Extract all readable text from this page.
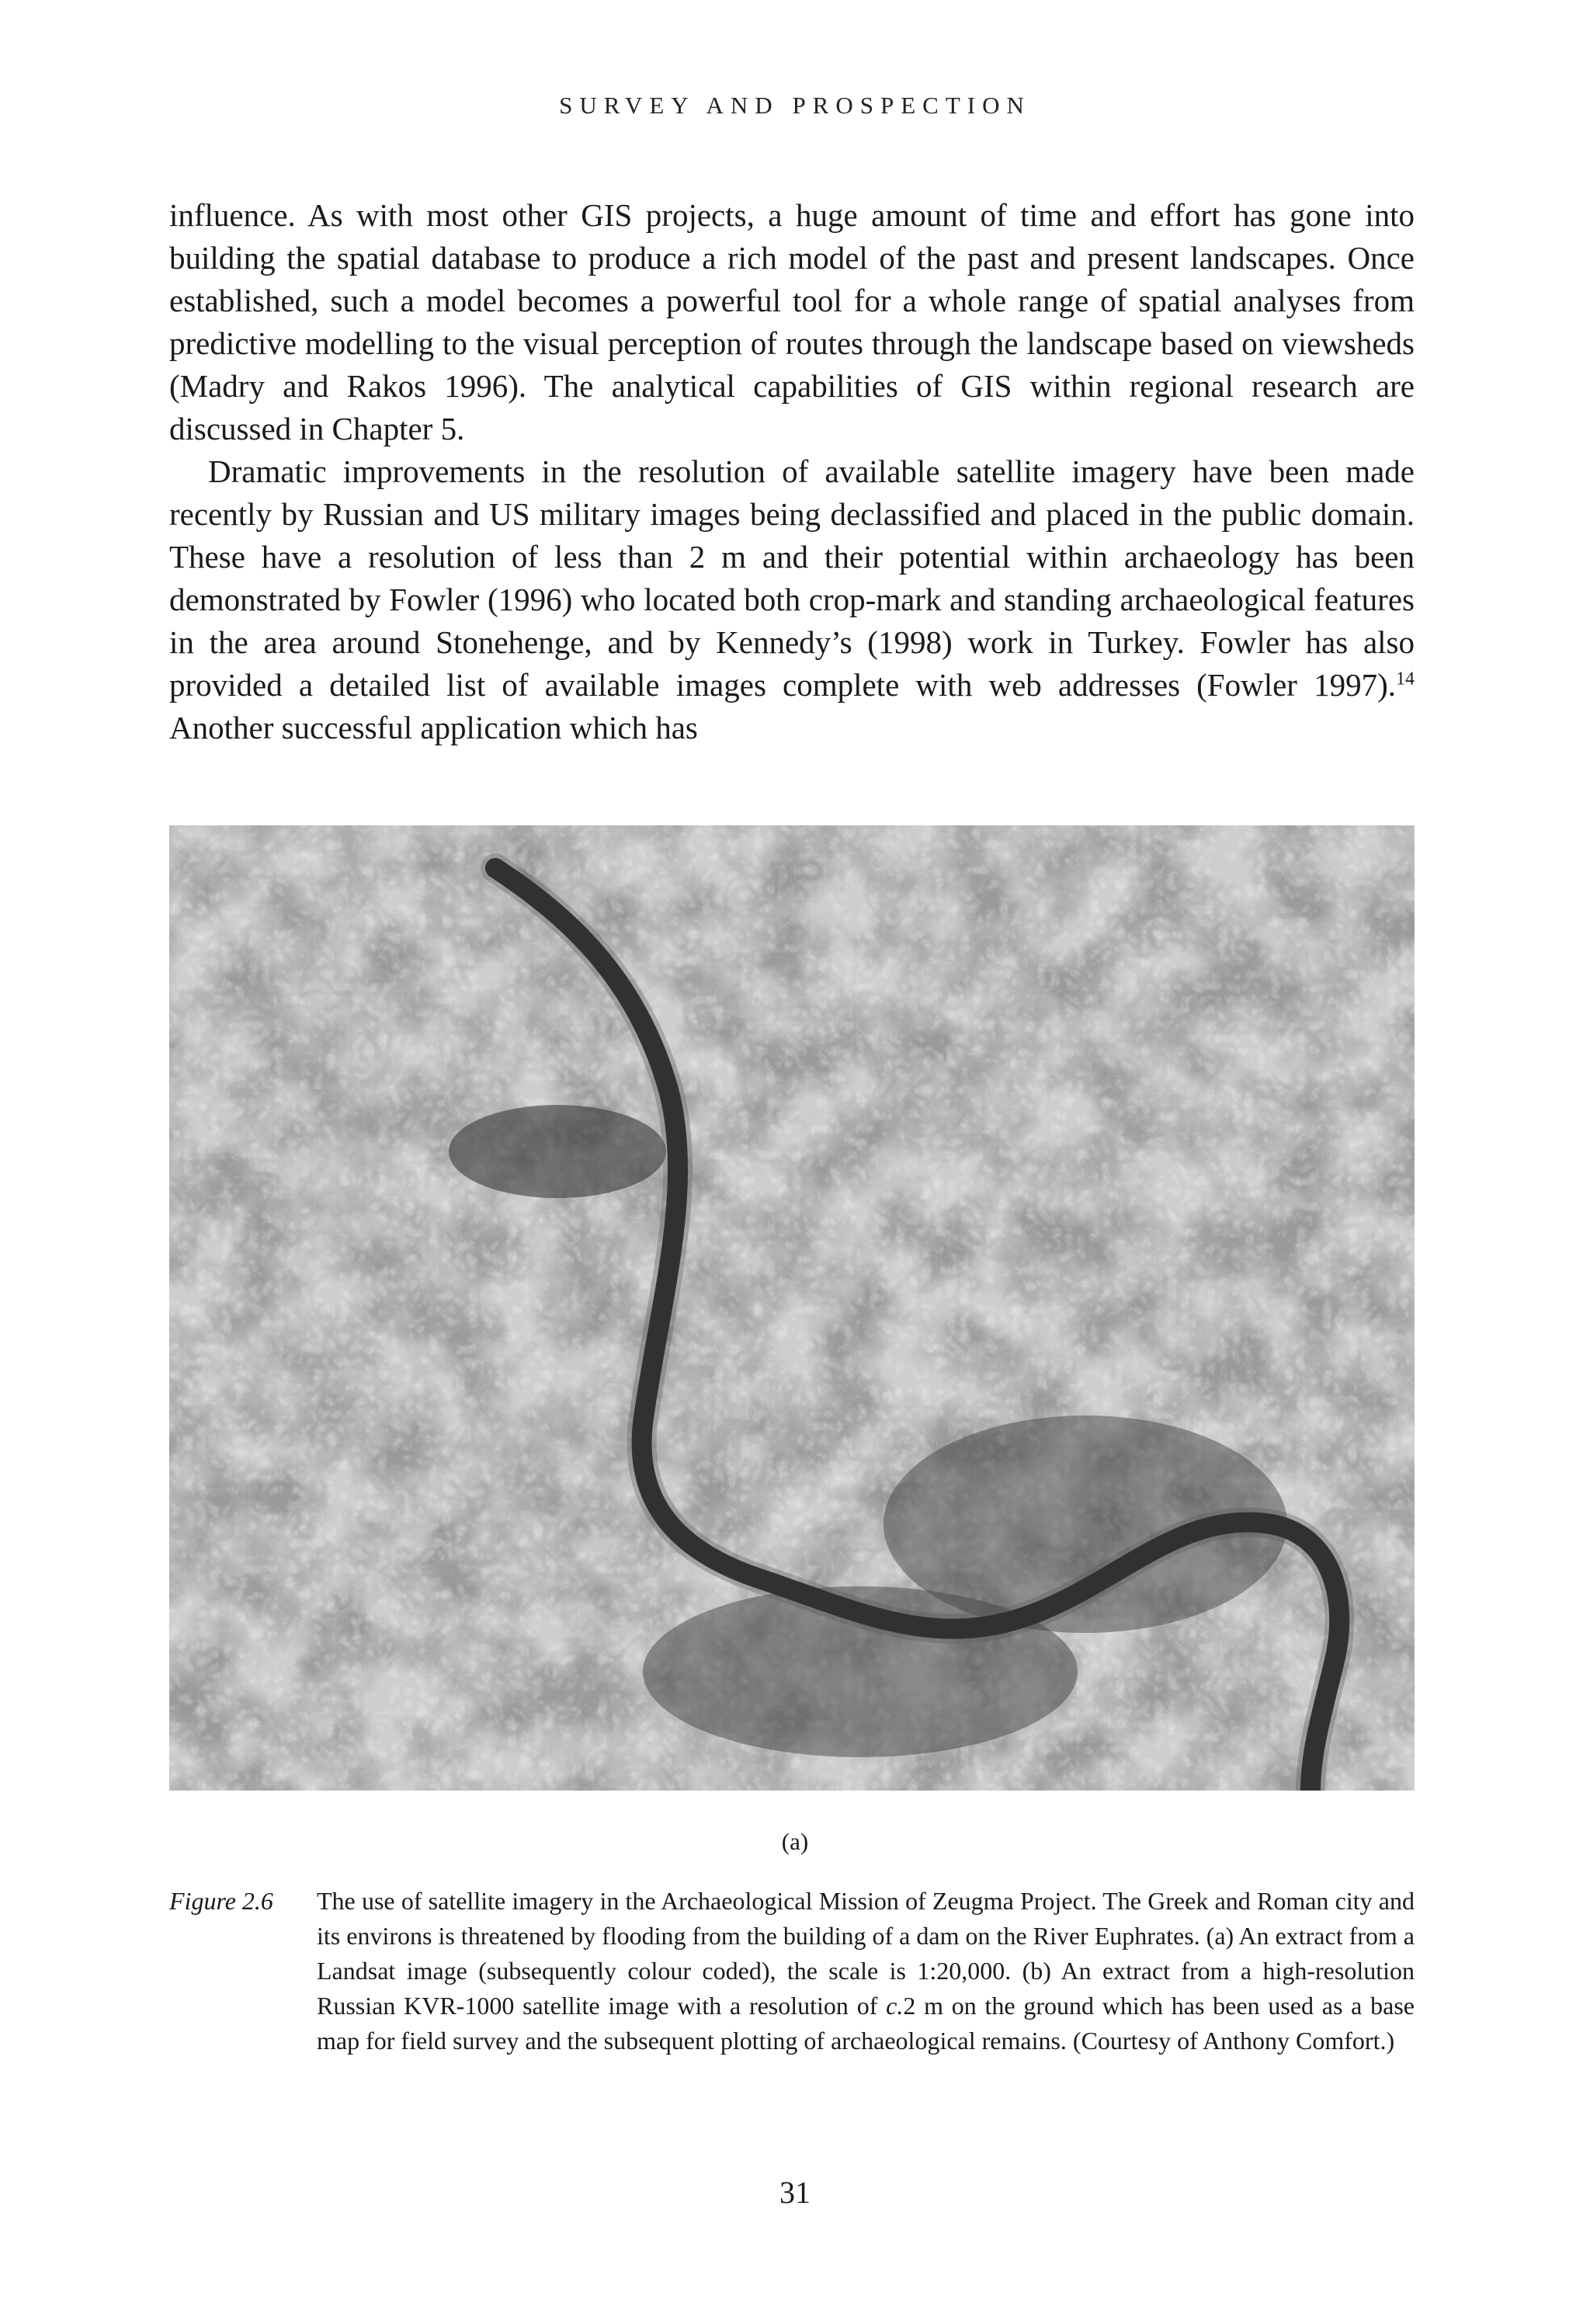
SURVEY AND PROSPECTION

influence. As with most other GIS projects, a huge amount of time and effort has gone into building the spatial database to produce a rich model of the past and present landscapes. Once established, such a model becomes a powerful tool for a whole range of spatial analyses from predictive modelling to the visual perception of routes through the landscape based on viewsheds (Madry and Rakos 1996). The analytical capabilities of GIS within regional research are discussed in Chapter 5.

Dramatic improvements in the resolution of available satellite imagery have been made recently by Russian and US military images being declassified and placed in the public domain. These have a resolution of less than 2 m and their potential within archaeology has been demonstrated by Fowler (1996) who located both crop-mark and standing archaeological features in the area around Stonehenge, and by Kennedy’s (1998) work in Turkey. Fowler has also provided a detailed list of available images complete with web addresses (Fowler 1997).$^{14}$ Another successful application which has

(a)
Figure 2.6	The use of satellite imagery in the Archaeological Mission of Zeugma Project. The Greek and Roman city and its environs is threatened by flooding from the building of a dam on the River Euphrates. (a) An extract from a Landsat image (subsequently colour coded), the scale is 1:20,000. (b) An extract from a high-resolution Russian KVR-1000 satellite image with a resolution of c.2 m on the ground which has been used as a base map for field survey and the subsequent plotting of archaeological remains. (Courtesy of Anthony Comfort.)
31
